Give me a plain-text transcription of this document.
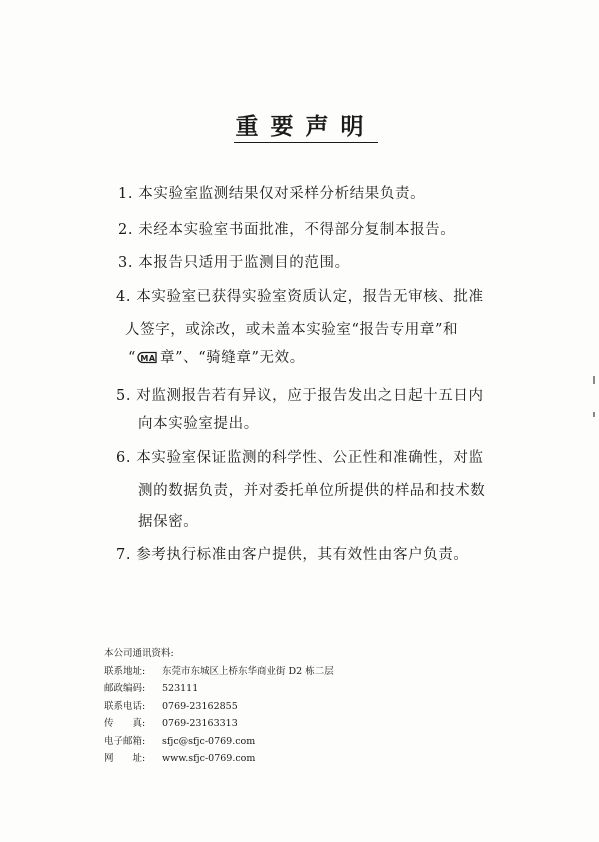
重要声明
1. 本实验室监测结果仅对采样分析结果负责。
2. 未经本实验室书面批准，不得部分复制本报告。
3. 本报告只适用于监测目的范围。
4. 本实验室已获得实验室资质认定，报告无审核、批准
人签字，或涂改，或未盖本实验室“报告专用章”和
“ MA 章”、“骑缝章”无效。
5. 对监测报告若有异议，应于报告发出之日起十五日内
向本实验室提出。
6. 本实验室保证监测的科学性、公正性和准确性，对监
测的数据负责，并对委托单位所提供的样品和技术数
据保密。
7. 参考执行标准由客户提供，其有效性由客户负责。
本公司通讯资料:
联系地址: 东莞市东城区上桥东华商业街 D2 栋二层
邮政编码: 523111
联系电话: 0769-23162855
传　　真: 0769-23163313
电子邮箱: sfjc@sfjc-0769.com
网　　址: www.sfjc-0769.com
